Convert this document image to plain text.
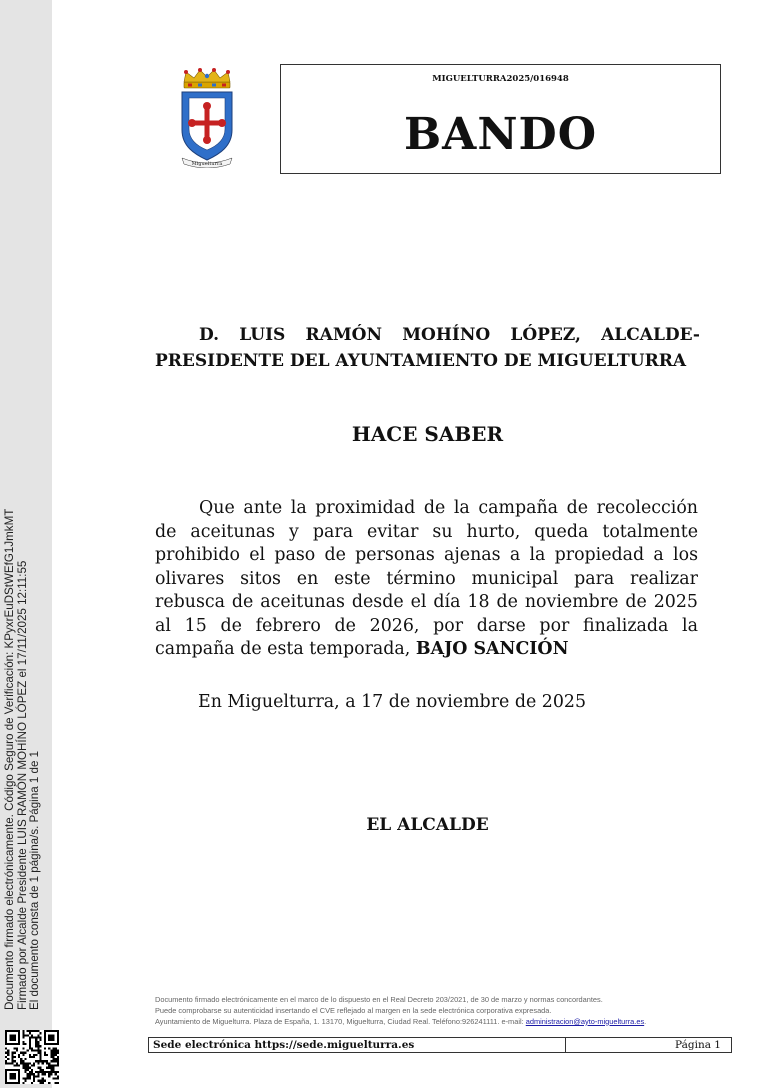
Documento firmado electrónicamente. Código Seguro de Verificación: KPyxrEuDStWEfG1JmkMT Firmado por Alcalde Presidente LUIS RAMÓN MOHÍNO LÓPEZ el 17/11/2025 12:11:55 El documento consta de 1 página/s. Página 1 de 1
Miguelturra
MIGUELTURRA2025/016948
BANDO
D. LUIS RAMÓN MOHÍNO LÓPEZ, ALCALDE-PRESIDENTE DEL AYUNTAMIENTO DE MIGUELTURRA
HACE SABER
Que ante la proximidad de la campaña de recolección de aceitunas y para evitar su hurto, queda totalmente prohibido el paso de personas ajenas a la propiedad a los olivares sitos en este término municipal para realizar rebusca de aceitunas desde el día 18 de noviembre de 2025 al 15 de febrero de 2026, por darse por finalizada la campaña de esta temporada, BAJO SANCIÓN
En Miguelturra, a 17 de noviembre de 2025
EL ALCALDE
Documento firmado electrónicamente en el marco de lo dispuesto en el Real Decreto 203/2021, de 30 de marzo y normas concordantes.
Puede comprobarse su autenticidad insertando el CVE reflejado al margen en la sede electrónica corporativa expresada.
Ayuntamiento de Miguelturra. Plaza de España, 1. 13170, Miguelturra, Ciudad Real. Teléfono:926241111. e-mail: administracion@ayto-miguelturra.es.
Sede electrónica https://sede.miguelturra.es	Página 1
